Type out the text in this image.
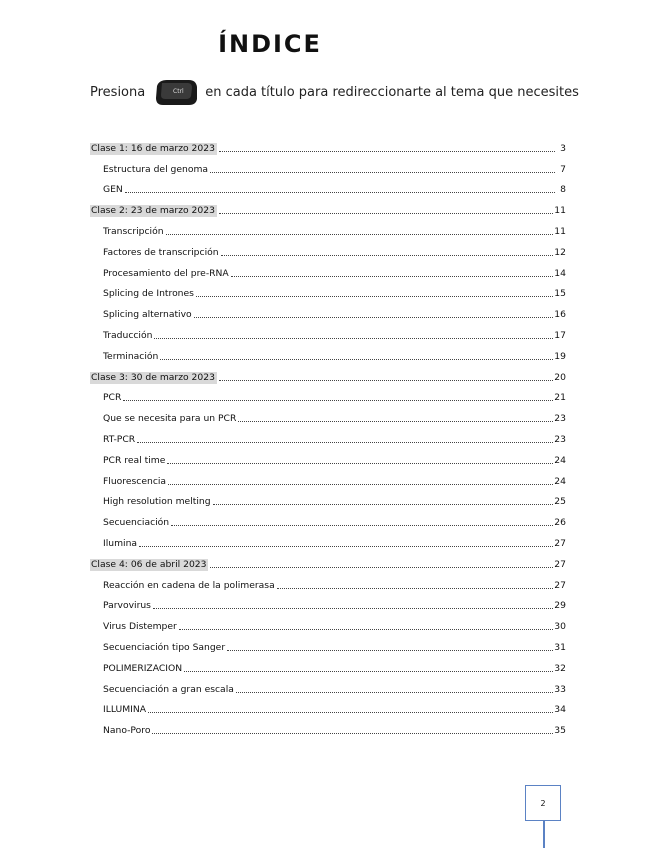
ÍNDICE
Presiona	Ctrl en cada título para redireccionarte al tema que necesites
Clase 1: 16 de marzo 2023	3
Estructura del genoma	7
GEN	8
Clase 2: 23 de marzo 2023	11
Transcripción	11
Factores de transcripción	12
Procesamiento del pre-RNA	14
Splicing de Intrones	15
Splicing alternativo	16
Traducción	17
Terminación	19
Clase 3: 30 de marzo 2023	20
PCR	21
Que se necesita para un PCR	23
RT-PCR	23
PCR real time	24
Fluorescencia	24
High resolution melting	25
Secuenciación	26
Ilumina	27
Clase 4: 06 de abril 2023	27
Reacción en cadena de la polimerasa	27
Parvovirus	29
Virus Distemper	30
Secuenciación tipo Sanger	31
POLIMERIZACION	32
Secuenciación a gran escala	33
ILLUMINA	34
Nano-Poro	35
2
